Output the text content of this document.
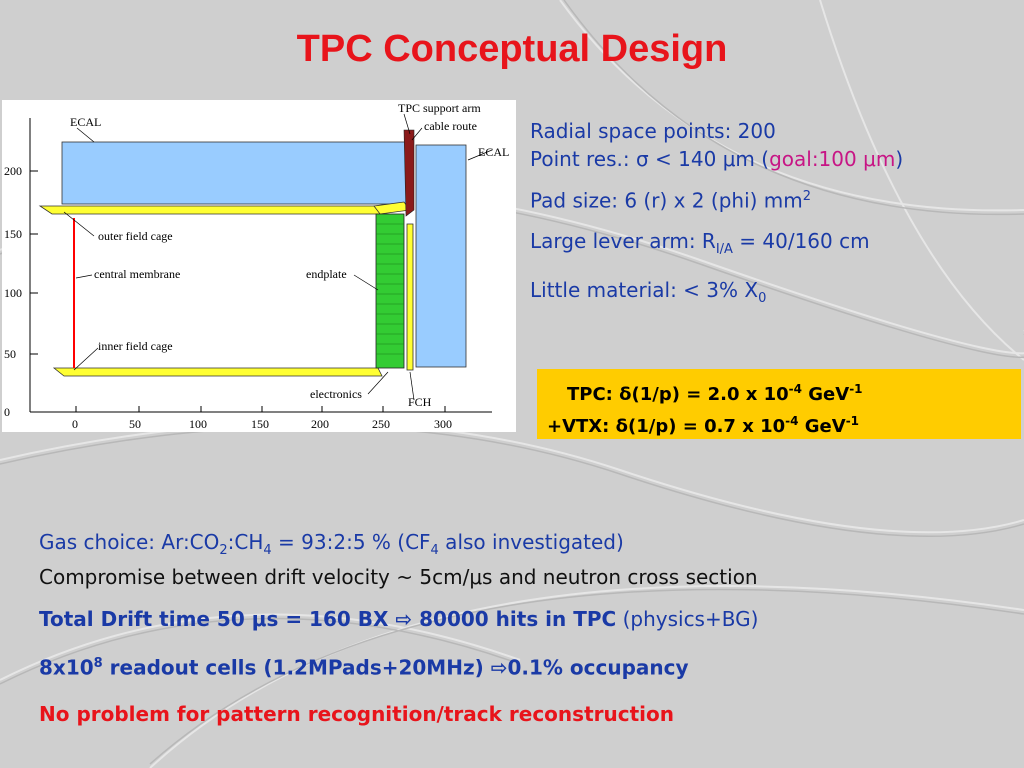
TPC Conceptual Design
200
150
100
50
0
0	50	100	150	200	250	300
TPC support arm
cable route
ECAL
ECAL
outer field cage
central membrane	endplate
inner field cage
electronics
FCH
Radial space points: 200
Point res.: σ < 140 μm (goal:100 μm)
Pad size: 6 (r) x 2 (phi) $mm^2$
Large lever arm: $R_{I/A} = 40/160$ cm
Little material: < 3% $X_0$
TPC: δ(1/p) = 2.0 x $10^{-4}$ GeV$^{-1}$
+VTX: δ(1/p) = 0.7 x $10^{-4}$ GeV$^{-1}$
Gas choice: $Ar:CO_2:CH_4$ = 93:2:5 % ($CF_4$ also investigated)
Compromise between drift velocity ~ 5cm/μs and neutron cross section
Total Drift time 50 μs = 160 BX ⇨ 80000 hits in TPC (physics+BG)
$8x10^8$ readout cells (1.2MPads+20MHz) ⇨0.1% occupancy
No problem for pattern recognition/track reconstruction
